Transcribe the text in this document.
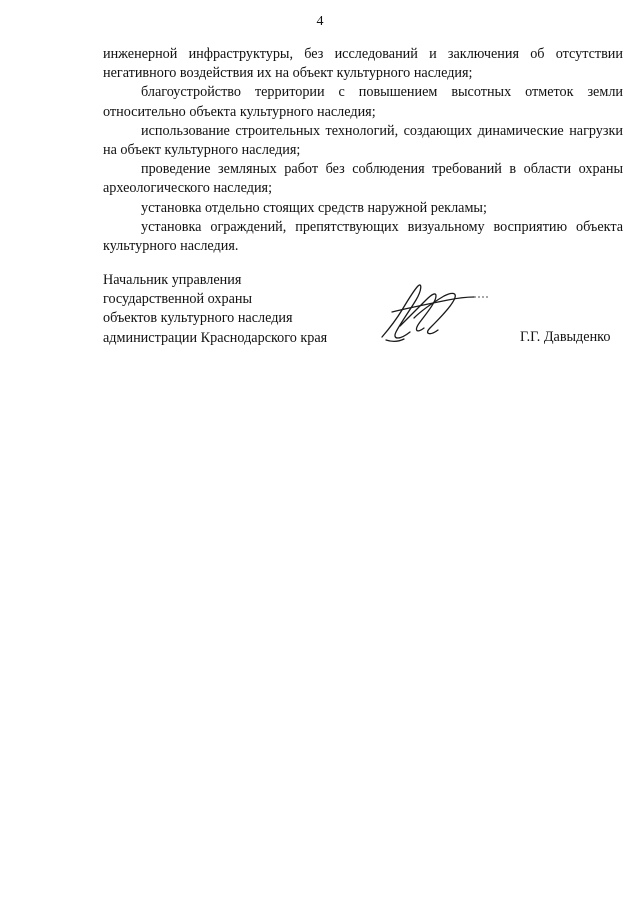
4

инженерной инфраструктуры, без исследований и заключения об отсутствии негативного воздействия их на объект культурного наследия;

благоустройство территории с повышением высотных отметок земли относительно объекта культурного наследия;

использование строительных технологий, создающих динамические нагрузки на объект культурного наследия;

проведение земляных работ без соблюдения требований в области охраны археологического наследия;

установка отдельно стоящих средств наружной рекламы;

установка ограждений, препятствующих визуальному восприятию объекта культурного наследия.

Начальник управления
государственной охраны
объектов культурного наследия
администрации Краснодарского края	Г.Г. Давыденко
